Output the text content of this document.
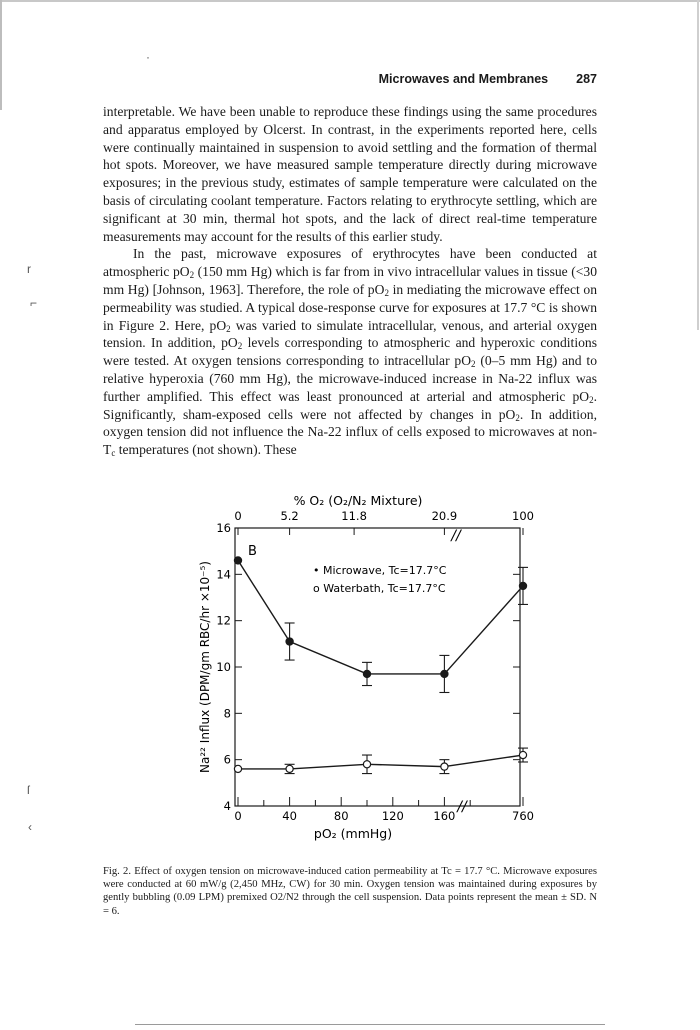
·
r
⌐
ſ
‹
Microwaves and Membranes 287

interpretable. We have been unable to reproduce these findings using the same procedures and apparatus employed by Olcerst. In contrast, in the experiments reported here, cells were continually maintained in suspension to avoid settling and the formation of thermal hot spots. Moreover, we have measured sample temperature directly during microwave exposures; in the previous study, estimates of sample temperature were calculated on the basis of circulating coolant temperature. Factors relating to erythrocyte settling, which are significant at 30 min, thermal hot spots, and the lack of direct real-time temperature measurements may account for the results of this earlier study.

In the past, microwave exposures of erythrocytes have been conducted at atmospheric $pO_2$ (150 mm Hg) which is far from in vivo intracellular values in tissue (<30 mm Hg) [Johnson, 1963]. Therefore, the role of $pO_2$ in mediating the microwave effect on permeability was studied. A typical dose-response curve for exposures at 17.7 °C is shown in Figure 2. Here, $pO_2$ was varied to simulate intracellular, venous, and arterial oxygen tension. In addition, $pO_2$ levels corresponding to atmospheric and hyperoxic conditions were tested. At oxygen tensions corresponding to intracellular $pO_2$ (0–5 mm Hg) and to relative hyperoxia (760 mm Hg), the microwave-induced increase in Na-22 influx was further amplified. This effect was least pronounced at arterial and atmospheric $pO_2$. Significantly, sham-exposed cells were not affected by changes in $pO_2$. In addition, oxygen tension did not influence the Na-22 influx of cells exposed to microwaves at non-$T_c$ temperatures (not shown). These

% O₂ (O₂/N₂ Mixture)
0	5.2	11.8	20.9	100
4
6
8
10
12
14
16
0	40	80	120	160	760
B
• Microwave, Tc=17.7°C
o Waterbath, Tc=17.7°C
Na²² Influx (DPM/gm RBC/hr ×10⁻⁵)
pO₂ (mmHg)
//
//
Fig. 2. Effect of oxygen tension on microwave-induced cation permeability at Tc = 17.7 °C. Microwave exposures were conducted at 60 mW/g (2,450 MHz, CW) for 30 min. Oxygen tension was maintained during exposures by gently bubbling (0.09 LPM) premixed O2/N2 through the cell suspension. Data points represent the mean ± SD. N = 6.
